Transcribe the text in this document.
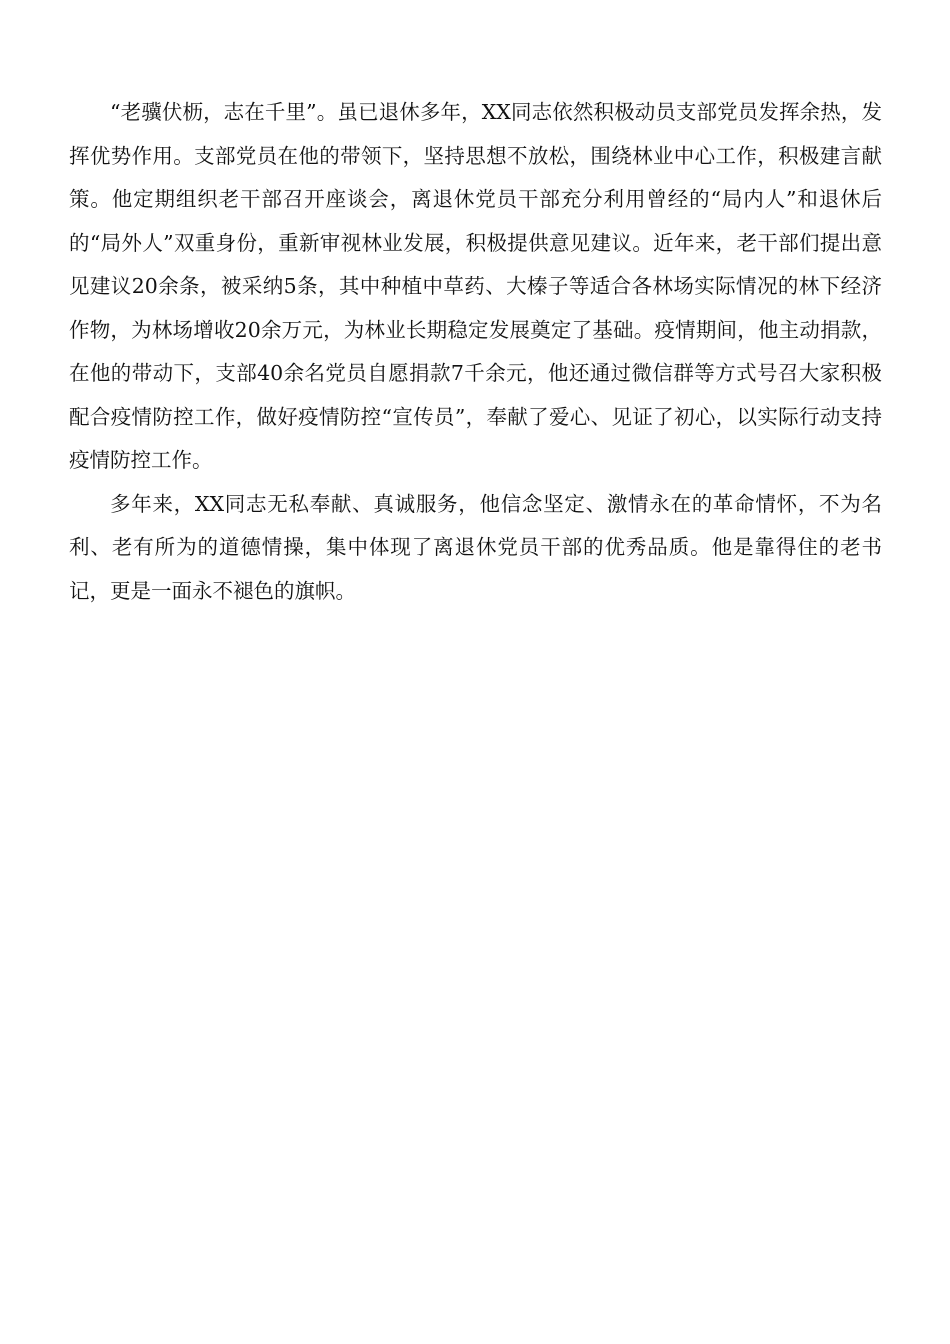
“老骥伏枥，志在千里”。虽已退休多年，XX同志依然积极动员支部党员发挥余热，发挥优势作用。支部党员在他的带领下，坚持思想不放松，围绕林业中心工作，积极建言献策。他定期组织老干部召开座谈会，离退休党员干部充分利用曾经的“局内人”和退休后的“局外人”双重身份，重新审视林业发展，积极提供意见建议。近年来，老干部们提出意见建议20余条，被采纳5条，其中种植中草药、大榛子等适合各林场实际情况的林下经济作物，为林场增收20余万元，为林业长期稳定发展奠定了基础。疫情期间，他主动捐款，在他的带动下，支部40余名党员自愿捐款7千余元，他还通过微信群等方式号召大家积极配合疫情防控工作，做好疫情防控“宣传员”，奉献了爱心、见证了初心，以实际行动支持疫情防控工作。

多年来，XX同志无私奉献、真诚服务，他信念坚定、激情永在的革命情怀，不为名利、老有所为的道德情操，集中体现了离退休党员干部的优秀品质。他是靠得住的老书记，更是一面永不褪色的旗帜。
